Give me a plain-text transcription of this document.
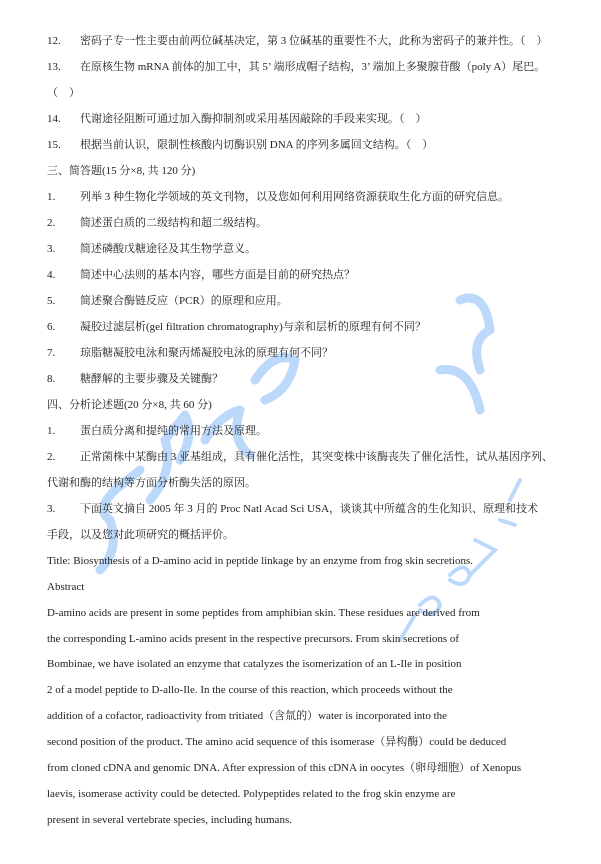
12. 密码子专一性主要由前两位碱基决定，第 3 位碱基的重要性不大，此称为密码子的兼并性。（　）
13. 在原核生物 mRNA 前体的加工中，其 5’ 端形成帽子结构，3’ 端加上多聚腺苷酸（poly A）尾巴。
（　）
14. 代谢途径阻断可通过加入酶抑制剂或采用基因敲除的手段来实现。（　）
15. 根据当前认识，限制性核酸内切酶识别 DNA 的序列多属回文结构。（　）
三、简答题(15 分×8, 共 120 分)
1. 列举 3 种生物化学领域的英文刊物，以及您如何利用网络资源获取生化方面的研究信息。
2. 简述蛋白质的二级结构和超二级结构。
3. 简述磷酸戊糖途径及其生物学意义。
4. 简述中心法则的基本内容，哪些方面是目前的研究热点？
5. 简述聚合酶链反应（PCR）的原理和应用。
6. 凝胶过滤层析(gel filtration chromatography)与亲和层析的原理有何不同？
7. 琼脂糖凝胶电泳和聚丙烯凝胶电泳的原理有何不同？
8. 糖酵解的主要步骤及关键酶？
四、分析论述题(20 分×8, 共 60 分)
1. 蛋白质分离和提纯的常用方法及原理。
2. 正常菌株中某酶由 3 亚基组成，具有催化活性，其突变株中该酶丧失了催化活性，试从基因序列、
代谢和酶的结构等方面分析酶失活的原因。
3. 下面英文摘自 2005 年 3 月的 Proc Natl Acad Sci USA，谈谈其中所蕴含的生化知识、原理和技术
手段，以及您对此项研究的概括评价。
Title: Biosynthesis of a D-amino acid in peptide linkage by an enzyme from frog skin secretions.
Abstract
D-amino acids are present in some peptides from amphibian skin. These residues are derived from
the corresponding L-amino acids present in the respective precursors. From skin secretions of
Bombinae, we have isolated an enzyme that catalyzes the isomerization of an L-Ile in position
2 of a model peptide to D-allo-Ile. In the course of this reaction, which proceeds without the
addition of a cofactor, radioactivity from tritiated（含氚的）water is incorporated into the
second position of the product. The amino acid sequence of this isomerase（异构酶）could be deduced
from cloned cDNA and genomic DNA. After expression of this cDNA in oocytes（卵母细胞）of Xenopus
laevis, isomerase activity could be detected. Polypeptides related to the frog skin enzyme are
present in several vertebrate species, including humans.
